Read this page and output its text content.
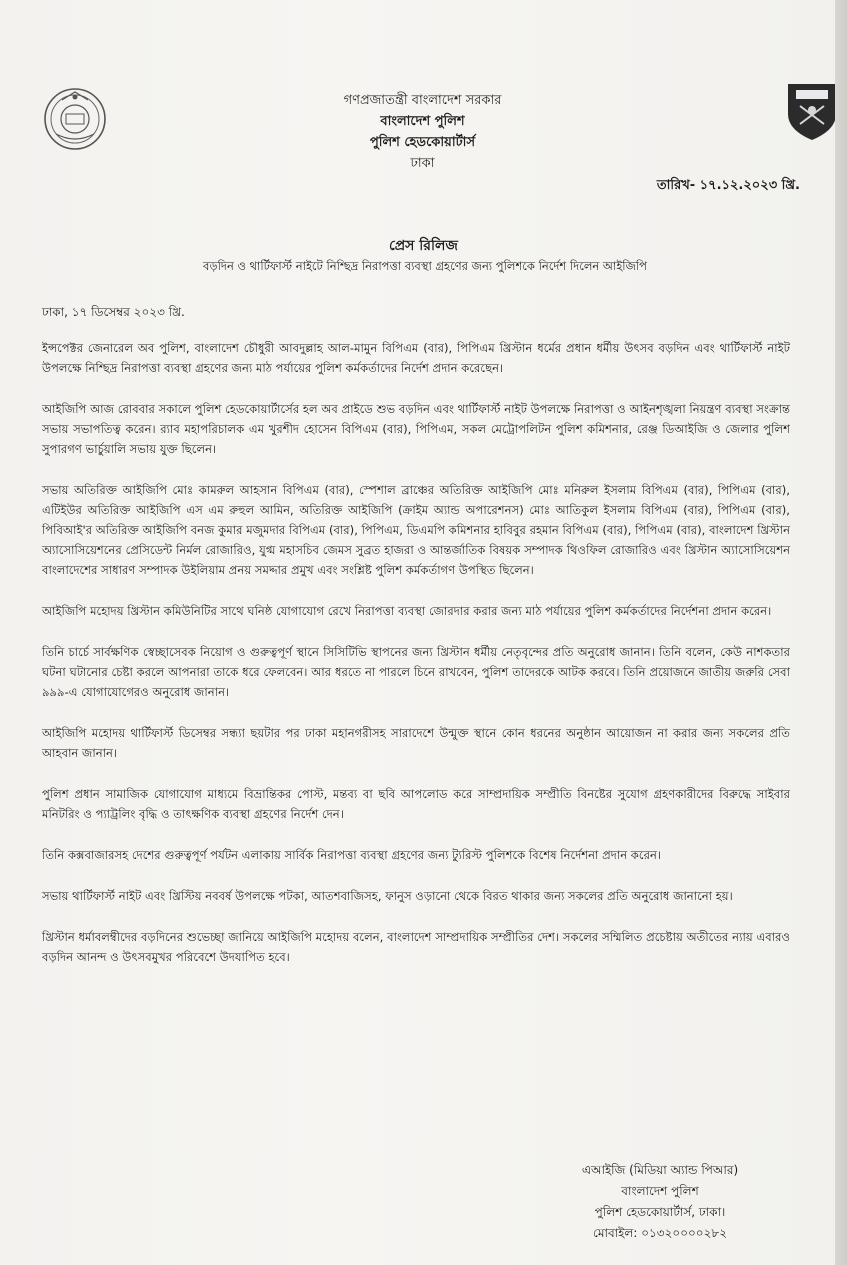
গণপ্রজাতন্ত্রী বাংলাদেশ সরকার
বাংলাদেশ পুলিশ
পুলিশ হেডকোয়ার্টার্স
ঢাকা
তারিখ- ১৭.১২.২০২৩ খ্রি.
প্রেস রিলিজ
বড়দিন ও থার্টিফার্স্ট নাইটে নিশ্ছিদ্র নিরাপত্তা ব্যবস্থা গ্রহণের জন্য পুলিশকে নির্দেশ দিলেন আইজিপি
ঢাকা, ১৭ ডিসেম্বর ২০২৩ খ্রি.

ইন্সপেক্টর জেনারেল অব পুলিশ, বাংলাদেশ চৌধুরী আবদুল্লাহ আল-মামুন বিপিএম (বার), পিপিএম খ্রিস্টান ধর্মের প্রধান ধর্মীয় উৎসব বড়দিন এবং থার্টিফার্স্ট নাইট উপলক্ষে নিশ্ছিদ্র নিরাপত্তা ব্যবস্থা গ্রহণের জন্য মাঠ পর্যায়ের পুলিশ কর্মকর্তাদের নির্দেশ প্রদান করেছেন।

আইজিপি আজ রোববার সকালে পুলিশ হেডকোয়ার্টার্সের হল অব প্রাইডে শুভ বড়দিন এবং থার্টিফার্স্ট নাইট উপলক্ষে নিরাপত্তা ও আইনশৃঙ্খলা নিয়ন্ত্রণ ব্যবস্থা সংক্রান্ত সভায় সভাপতিত্ব করেন। র‍্যাব মহাপরিচালক এম খুরশীদ হোসেন বিপিএম (বার), পিপিএম, সকল মেট্রোপলিটন পুলিশ কমিশনার, রেঞ্জ ডিআইজি ও জেলার পুলিশ সুপারগণ ভার্চুয়ালি সভায় যুক্ত ছিলেন।

সভায় অতিরিক্ত আইজিপি মোঃ কামরুল আহসান বিপিএম (বার), স্পেশাল ব্রাঞ্চের অতিরিক্ত আইজিপি মোঃ মনিরুল ইসলাম বিপিএম (বার), পিপিএম (বার), এটিইউর অতিরিক্ত আইজিপি এস এম রুহুল আমিন, অতিরিক্ত আইজিপি (ক্রাইম অ্যান্ড অপারেশনস) মোঃ আতিকুল ইসলাম বিপিএম (বার), পিপিএম (বার), পিবিআই'র অতিরিক্ত আইজিপি বনজ কুমার মজুমদার বিপিএম (বার), পিপিএম, ডিএমপি কমিশনার হাবিবুর রহমান বিপিএম (বার), পিপিএম (বার), বাংলাদেশ খ্রিস্টান অ্যাসোসিয়েশনের প্রেসিডেন্ট নির্মল রোজারিও, যুগ্ম মহাসচিব জেমস সুব্রত হাজরা ও আন্তর্জাতিক বিষয়ক সম্পাদক থিওফিল রোজারিও এবং খ্রিস্টান অ্যাসোসিয়েশন বাংলাদেশের সাধারণ সম্পাদক উইলিয়াম প্রনয় সমদ্দার প্রমুখ এবং সংশ্লিষ্ট পুলিশ কর্মকর্তাগণ উপস্থিত ছিলেন।

আইজিপি মহোদয় খ্রিস্টান কমিউনিটির সাথে ঘনিষ্ঠ যোগাযোগ রেখে নিরাপত্তা ব্যবস্থা জোরদার করার জন্য মাঠ পর্যায়ের পুলিশ কর্মকর্তাদের নির্দেশনা প্রদান করেন।

তিনি চার্চে সার্বক্ষণিক স্বেচ্ছাসেবক নিয়োগ ও গুরুত্বপূর্ণ স্থানে সিসিটিভি স্থাপনের জন্য খ্রিস্টান ধর্মীয় নেতৃবৃন্দের প্রতি অনুরোধ জানান। তিনি বলেন, কেউ নাশকতার ঘটনা ঘটানোর চেষ্টা করলে আপনারা তাকে ধরে ফেলবেন। আর ধরতে না পারলে চিনে রাখবেন, পুলিশ তাদেরকে আটক করবে। তিনি প্রয়োজনে জাতীয় জরুরি সেবা ৯৯৯-এ যোগাযোগেরও অনুরোধ জানান।

আইজিপি মহোদয় থার্টিফার্স্ট ডিসেম্বর সন্ধ্যা ছয়টার পর ঢাকা মহানগরীসহ সারাদেশে উন্মুক্ত স্থানে কোন ধরনের অনুষ্ঠান আয়োজন না করার জন্য সকলের প্রতি আহবান জানান।

পুলিশ প্রধান সামাজিক যোগাযোগ মাধ্যমে বিভ্রান্তিকর পোস্ট, মন্তব্য বা ছবি আপলোড করে সাম্প্রদায়িক সম্প্রীতি বিনষ্টের সুযোগ গ্রহণকারীদের বিরুদ্ধে সাইবার মনিটরিং ও প্যাট্রলিং বৃদ্ধি ও তাৎক্ষণিক ব্যবস্থা গ্রহণের নির্দেশ দেন।

তিনি কক্সবাজারসহ দেশের গুরুত্বপূর্ণ পর্যটন এলাকায় সার্বিক নিরাপত্তা ব্যবস্থা গ্রহণের জন্য ট্যুরিস্ট পুলিশকে বিশেষ নির্দেশনা প্রদান করেন।

সভায় থার্টিফার্স্ট নাইট এবং খ্রিস্টিয় নববর্ষ উপলক্ষে পটকা, আতশবাজিসহ, ফানুস ওড়ানো থেকে বিরত থাকার জন্য সকলের প্রতি অনুরোধ জানানো হয়।

খ্রিস্টান ধর্মাবলম্বীদের বড়দিনের শুভেচ্ছা জানিয়ে আইজিপি মহোদয় বলেন, বাংলাদেশ সাম্প্রদায়িক সম্প্রীতির দেশ। সকলের সম্মিলিত প্রচেষ্টায় অতীতের ন্যায় এবারও বড়দিন আনন্দ ও উৎসবমুখর পরিবেশে উদযাপিত হবে।

এআইজি (মিডিয়া অ্যান্ড পিআর)
বাংলাদেশ পুলিশ
পুলিশ হেডকোয়ার্টার্স, ঢাকা।
মোবাইল: ০১৩২০০০০২৮২
